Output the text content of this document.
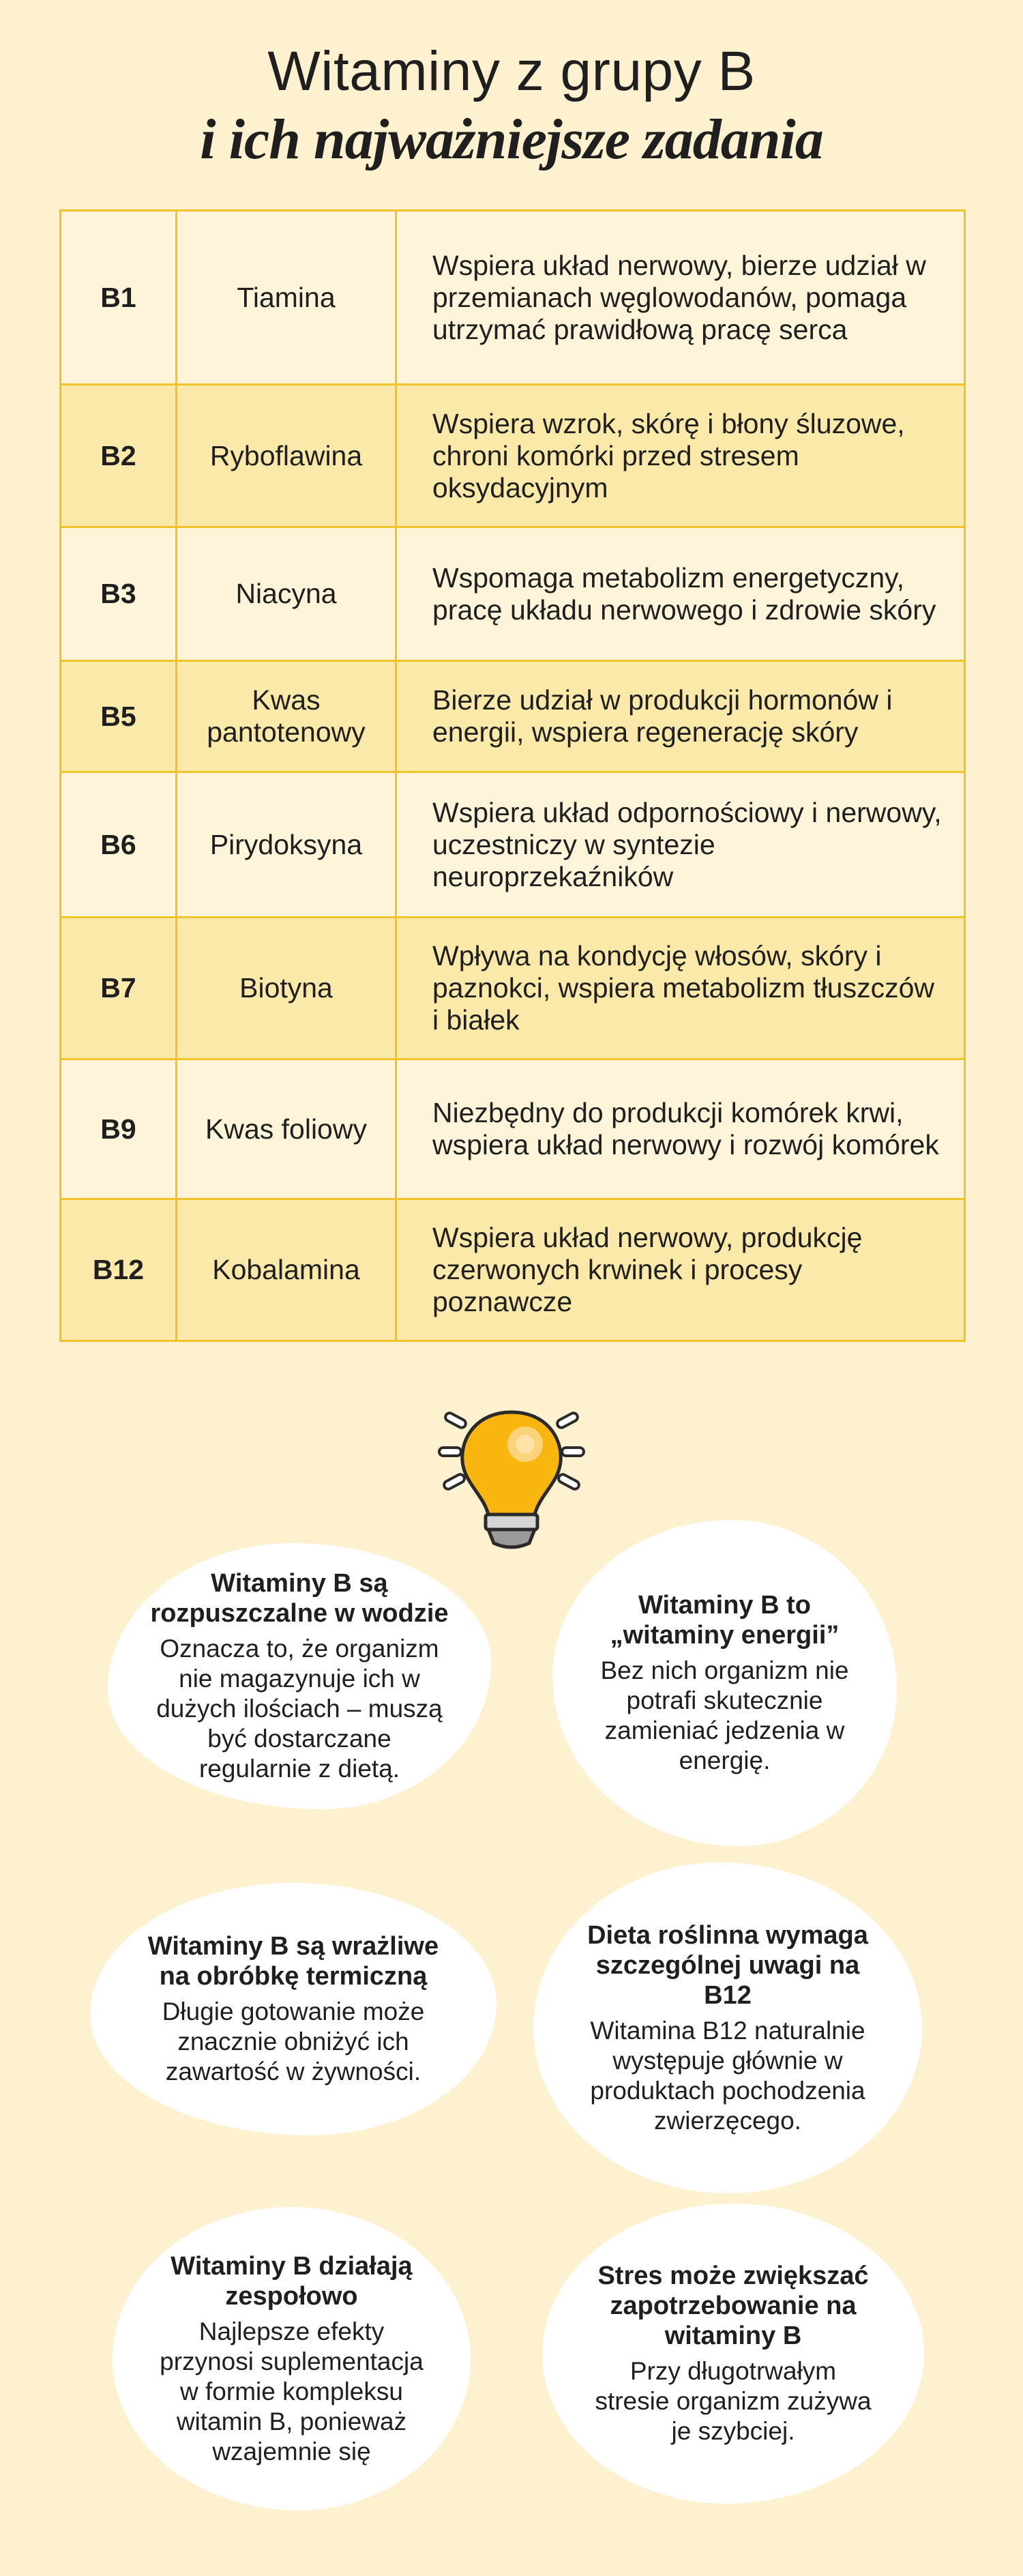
Witaminy z grupy B
i ich najważniejsze zadania
B1	Tiamina	Wspiera układ nerwowy, bierze udział w przemianach węglowodanów, pomaga utrzymać prawidłową pracę serca
B2	Ryboflawina	Wspiera wzrok, skórę i błony śluzowe, chroni komórki przed stresem oksydacyjnym
B3	Niacyna	Wspomaga metabolizm energetyczny, pracę układu nerwowego i zdrowie skóry
B5	Kwas pantotenowy	Bierze udział w produkcji hormonów i energii, wspiera regenerację skóry
B6	Pirydoksyna	Wspiera układ odpornościowy i nerwowy, uczestniczy w syntezie neuroprzekaźników
B7	Biotyna	Wpływa na kondycję włosów, skóry i paznokci, wspiera metabolizm tłuszczów i białek
B9	Kwas foliowy	Niezbędny do produkcji komórek krwi, wspiera układ nerwowy i rozwój komórek
B12	Kobalamina	Wspiera układ nerwowy, produkcję czerwonych krwinek i procesy poznawcze
Witaminy B są rozpuszczalne w wodzie

Oznacza to, że organizm nie magazynuje ich w dużych ilościach – muszą być dostarczane regularnie z dietą.

Witaminy B to „witaminy energii”

Bez nich organizm nie potrafi skutecznie zamieniać jedzenia w energię.

Witaminy B są wrażliwe na obróbkę termiczną

Długie gotowanie może znacznie obniżyć ich zawartość w żywności.

Dieta roślinna wymaga szczególnej uwagi na B12

Witamina B12 naturalnie występuje głównie w produktach pochodzenia zwierzęcego.

Witaminy B działają zespołowo

Najlepsze efekty przynosi suplementacja w formie kompleksu witamin B, ponieważ wzajemnie się

Stres może zwiększać zapotrzebowanie na witaminy B

Przy długotrwałym stresie organizm zużywa je szybciej.
